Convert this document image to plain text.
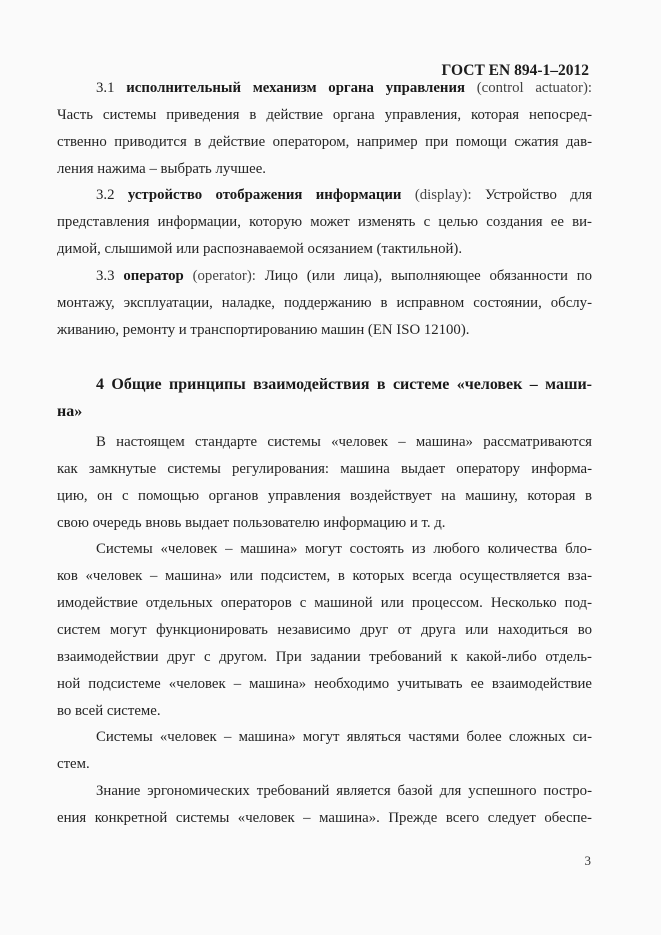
ГОСТ EN 894-1–2012
3.1 исполнительный механизм органа управления (control actuator):
Часть системы приведения в действие органа управления, которая непосред-
ственно приводится в действие оператором, например при помощи сжатия дав-
ления нажима – выбрать лучшее.
3.2 устройство отображения информации (display): Устройство для
представления информации, которую может изменять с целью создания ее ви-
димой, слышимой или распознаваемой осязанием (тактильной).
3.3 оператор (operator): Лицо (или лица), выполняющее обязанности по
монтажу, эксплуатации, наладке, поддержанию в исправном состоянии, обслу-
живанию, ремонту и транспортированию машин (EN ISO 12100).
4 Общие принципы взаимодействия в системе «человек – маши-
на»
В настоящем стандарте системы «человек – машина» рассматриваются
как замкнутые системы регулирования: машина выдает оператору информа-
цию, он с помощью органов управления воздействует на машину, которая в
свою очередь вновь выдает пользователю информацию и т. д.
Системы «человек – машина» могут состоять из любого количества бло-
ков «человек – машина» или подсистем, в которых всегда осуществляется вза-
имодействие отдельных операторов с машиной или процессом. Несколько под-
систем могут функционировать независимо друг от друга или находиться во
взаимодействии друг с другом. При задании требований к какой-либо отдель-
ной подсистеме «человек – машина» необходимо учитывать ее взаимодействие
во всей системе.
Системы «человек – машина» могут являться частями более сложных си-
стем.
Знание эргономических требований является базой для успешного постро-
ения конкретной системы «человек – машина». Прежде всего следует обеспе-
3
